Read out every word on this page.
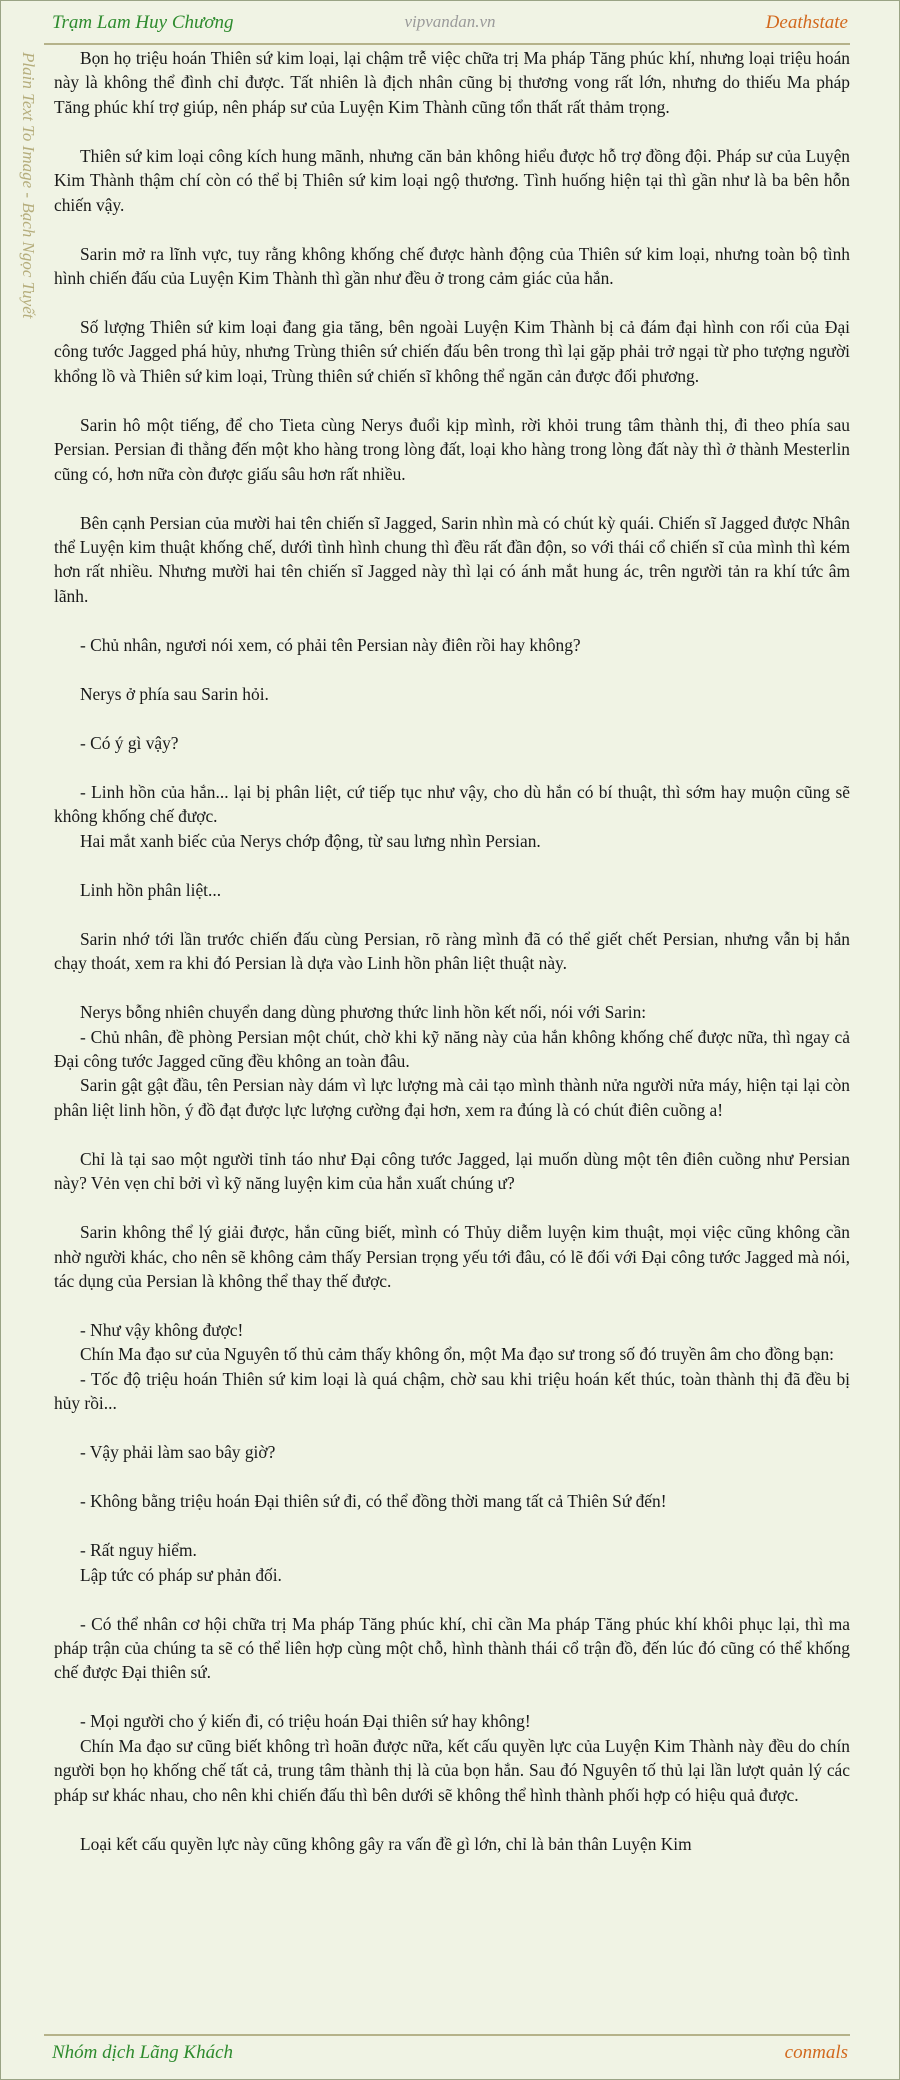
Trạm Lam Huy Chương	vipvandan.vn	Deathstate
Plain Text To Image - Bạch Ngọc Tuyết	Bọn họ triệu hoán Thiên sứ kim loại, lại chậm trễ việc chữa trị Ma pháp Tăng phúc khí, nhưng loại triệu hoán này là không thể đình chỉ được. Tất nhiên là địch nhân cũng bị thương vong rất lớn, nhưng do thiếu Ma pháp Tăng phúc khí trợ giúp, nên pháp sư của Luyện Kim Thành cũng tổn thất rất thảm trọng.

Thiên sứ kim loại công kích hung mãnh, nhưng căn bản không hiểu được hỗ trợ đồng đội. Pháp sư của Luyện Kim Thành thậm chí còn có thể bị Thiên sứ kim loại ngộ thương. Tình huống hiện tại thì gần như là ba bên hỗn chiến vậy.

Sarin mở ra lĩnh vực, tuy rằng không khống chế được hành động của Thiên sứ kim loại, nhưng toàn bộ tình hình chiến đấu của Luyện Kim Thành thì gần như đều ở trong cảm giác của hắn.

Số lượng Thiên sứ kim loại đang gia tăng, bên ngoài Luyện Kim Thành bị cả đám đại hình con rối của Đại công tước Jagged phá hủy, nhưng Trùng thiên sứ chiến đấu bên trong thì lại gặp phải trở ngại từ pho tượng người khổng lồ và Thiên sứ kim loại, Trùng thiên sứ chiến sĩ không thể ngăn cản được đối phương.

Sarin hô một tiếng, để cho Tieta cùng Nerys đuổi kịp mình, rời khỏi trung tâm thành thị, đi theo phía sau Persian. Persian đi thẳng đến một kho hàng trong lòng đất, loại kho hàng trong lòng đất này thì ở thành Mesterlin cũng có, hơn nữa còn được giấu sâu hơn rất nhiều.

Bên cạnh Persian của mười hai tên chiến sĩ Jagged, Sarin nhìn mà có chút kỳ quái. Chiến sĩ Jagged được Nhân thể Luyện kim thuật khống chế, dưới tình hình chung thì đều rất đần độn, so với thái cổ chiến sĩ của mình thì kém hơn rất nhiều. Nhưng mười hai tên chiến sĩ Jagged này thì lại có ánh mắt hung ác, trên người tản ra khí tức âm lãnh.

- Chủ nhân, ngươi nói xem, có phải tên Persian này điên rồi hay không?

Nerys ở phía sau Sarin hỏi.

- Có ý gì vậy?

- Linh hồn của hắn... lại bị phân liệt, cứ tiếp tục như vậy, cho dù hắn có bí thuật, thì sớm hay muộn cũng sẽ không khống chế được.

Hai mắt xanh biếc của Nerys chớp động, từ sau lưng nhìn Persian.

Linh hồn phân liệt...

Sarin nhớ tới lần trước chiến đấu cùng Persian, rõ ràng mình đã có thể giết chết Persian, nhưng vẫn bị hắn chạy thoát, xem ra khi đó Persian là dựa vào Linh hồn phân liệt thuật này.

Nerys bỗng nhiên chuyển dang dùng phương thức linh hồn kết nối, nói với Sarin:

- Chủ nhân, đề phòng Persian một chút, chờ khi kỹ năng này của hắn không khống chế được nữa, thì ngay cả Đại công tước Jagged cũng đều không an toàn đâu.

Sarin gật gật đầu, tên Persian này dám vì lực lượng mà cải tạo mình thành nửa người nửa máy, hiện tại lại còn phân liệt linh hồn, ý đồ đạt được lực lượng cường đại hơn, xem ra đúng là có chút điên cuồng a!

Chỉ là tại sao một người tỉnh táo như Đại công tước Jagged, lại muốn dùng một tên điên cuồng như Persian này? Vẻn vẹn chỉ bởi vì kỹ năng luyện kim của hắn xuất chúng ư?

Sarin không thể lý giải được, hắn cũng biết, mình có Thủy diễm luyện kim thuật, mọi việc cũng không cần nhờ người khác, cho nên sẽ không cảm thấy Persian trọng yếu tới đâu, có lẽ đối với Đại công tước Jagged mà nói, tác dụng của Persian là không thể thay thế được.

- Như vậy không được!

Chín Ma đạo sư của Nguyên tố thủ cảm thấy không ổn, một Ma đạo sư trong số đó truyền âm cho đồng bạn:

- Tốc độ triệu hoán Thiên sứ kim loại là quá chậm, chờ sau khi triệu hoán kết thúc, toàn thành thị đã đều bị hủy rồi...

- Vậy phải làm sao bây giờ?

- Không bằng triệu hoán Đại thiên sứ đi, có thể đồng thời mang tất cả Thiên Sứ đến!

- Rất nguy hiểm.

Lập tức có pháp sư phản đối.

- Có thể nhân cơ hội chữa trị Ma pháp Tăng phúc khí, chỉ cần Ma pháp Tăng phúc khí khôi phục lại, thì ma pháp trận của chúng ta sẽ có thể liên hợp cùng một chỗ, hình thành thái cổ trận đồ, đến lúc đó cũng có thể khống chế được Đại thiên sứ.

- Mọi người cho ý kiến đi, có triệu hoán Đại thiên sứ hay không!

Chín Ma đạo sư cũng biết không trì hoãn được nữa, kết cấu quyền lực của Luyện Kim Thành này đều do chín người bọn họ khống chế tất cả, trung tâm thành thị là của bọn hắn. Sau đó Nguyên tố thủ lại lần lượt quản lý các pháp sư khác nhau, cho nên khi chiến đấu thì bên dưới sẽ không thể hình thành phối hợp có hiệu quả được.

Loại kết cấu quyền lực này cũng không gây ra vấn đề gì lớn, chỉ là bản thân Luyện Kim

Nhóm dịch Lãng Khách	conmals
